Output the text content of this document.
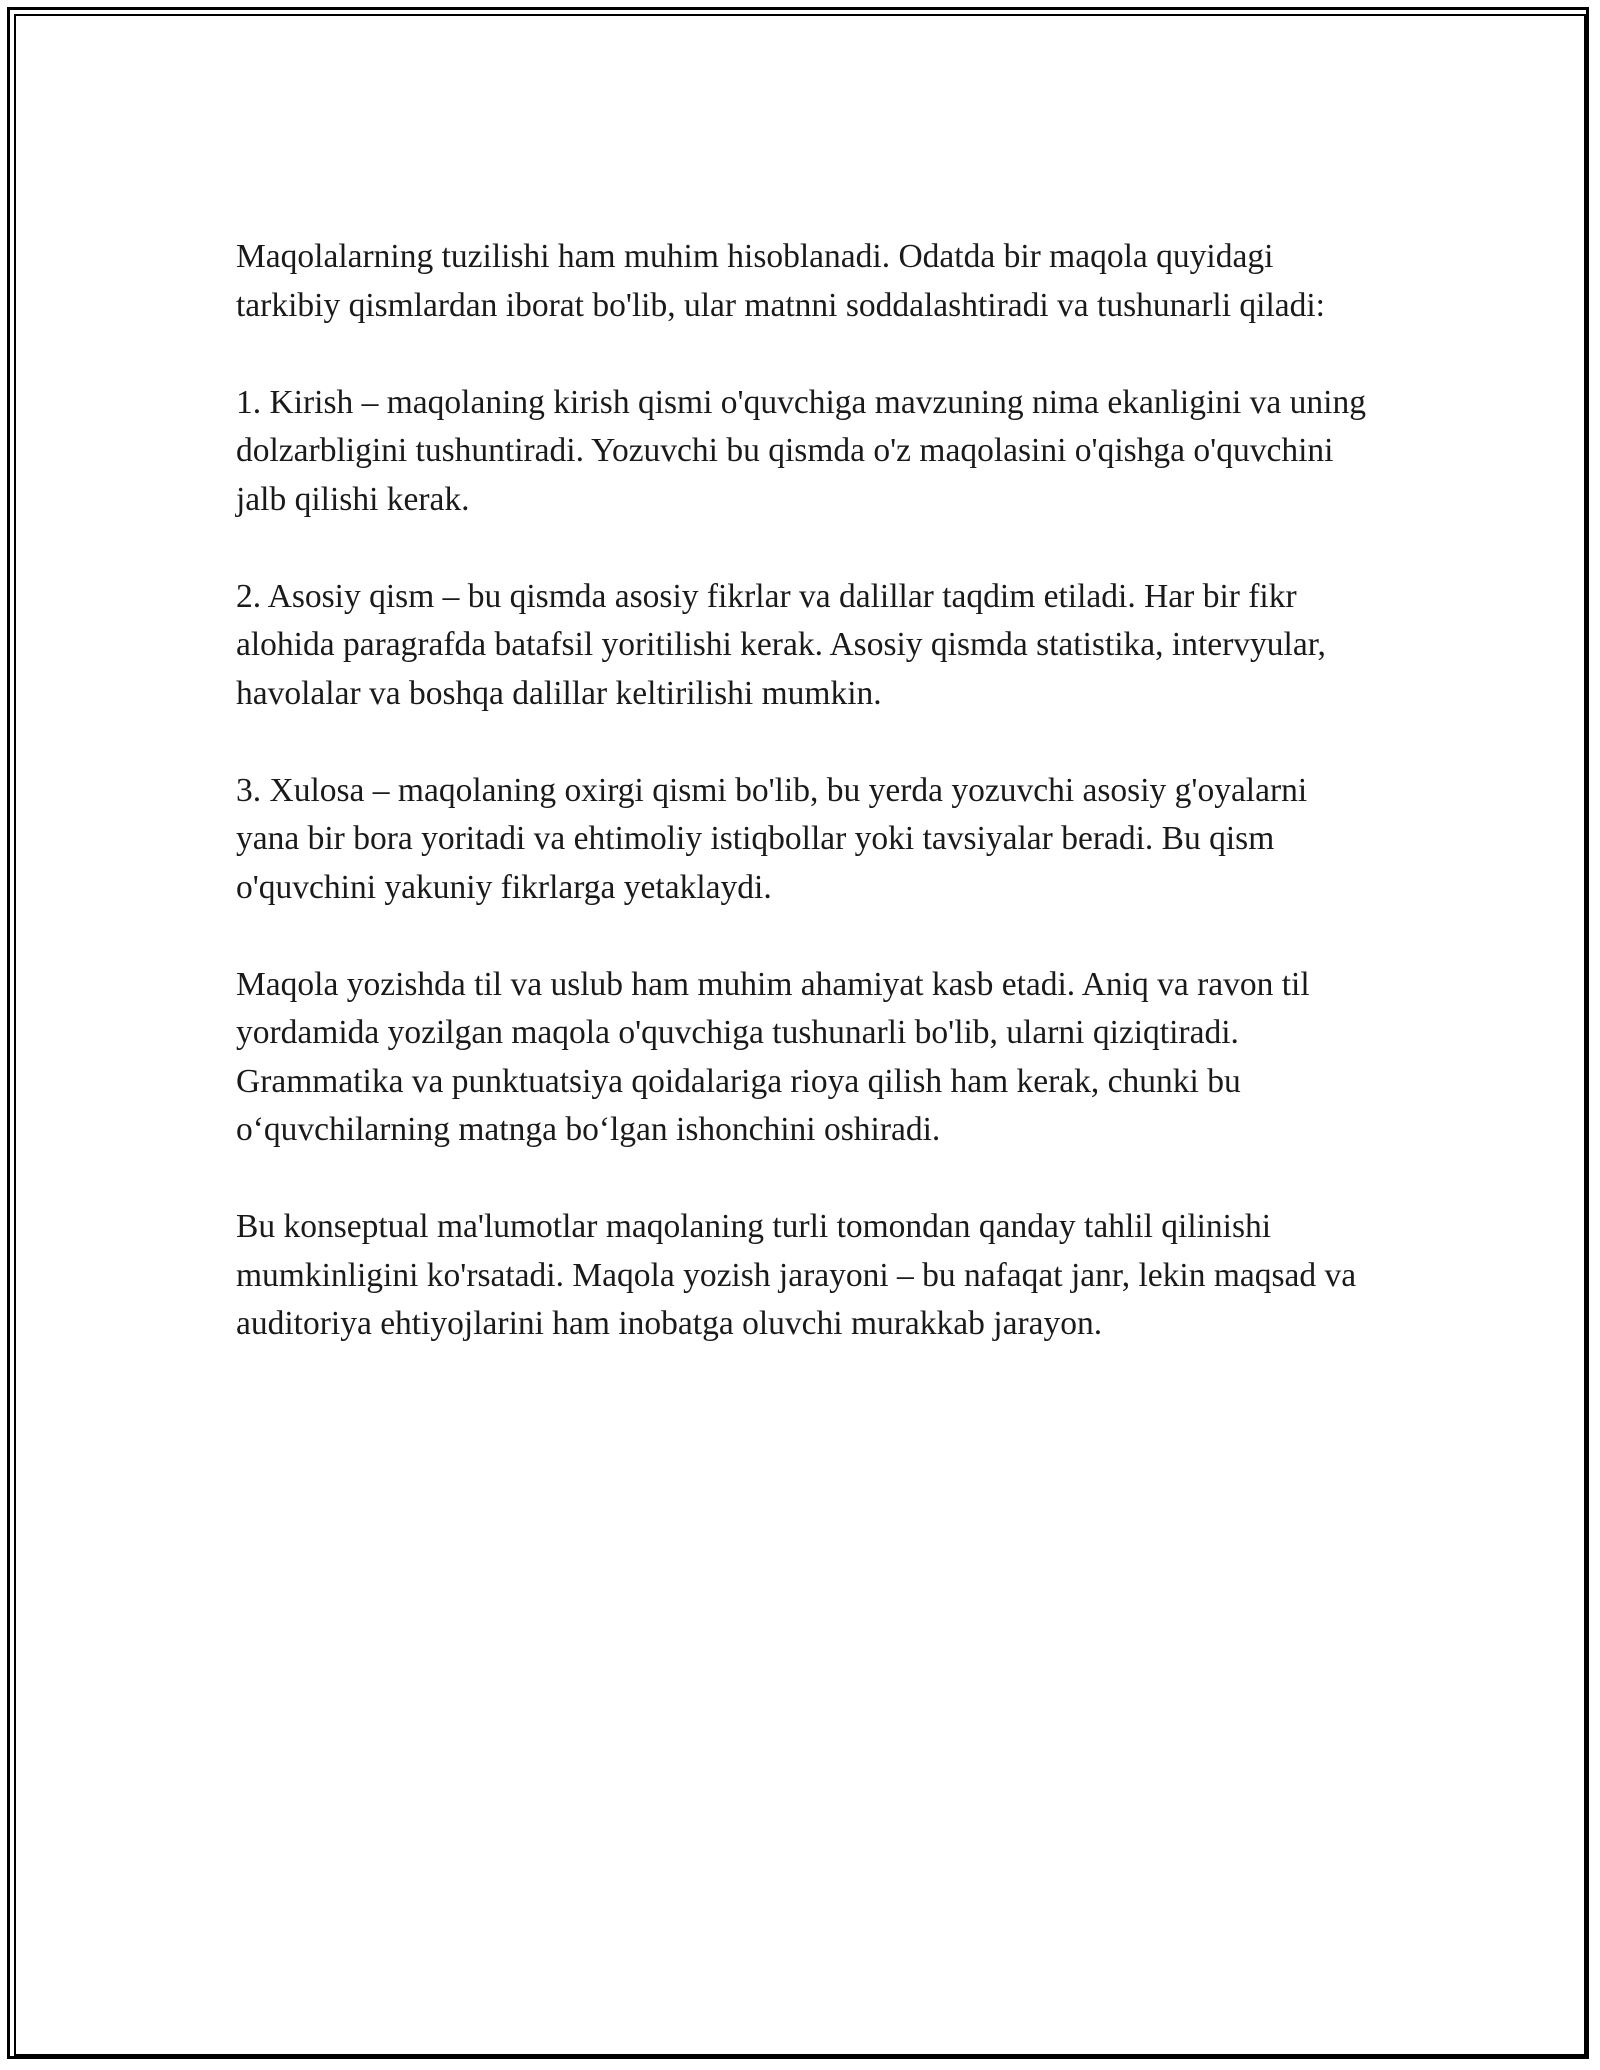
Maqolalarning tuzilishi ham muhim hisoblanadi. Odatda bir maqola quyidagi tarkibiy qismlardan iborat bo'lib, ular matnni soddalashtiradi va tushunarli qiladi:

1. Kirish – maqolaning kirish qismi o'quvchiga mavzuning nima ekanligini va uning dolzarbligini tushuntiradi. Yozuvchi bu qismda o'z maqolasini o'qishga o'quvchini jalb qilishi kerak.

2. Asosiy qism – bu qismda asosiy fikrlar va dalillar taqdim etiladi. Har bir fikr alohida paragrafda batafsil yoritilishi kerak. Asosiy qismda statistika, intervyular, havolalar va boshqa dalillar keltirilishi mumkin.

3. Xulosa – maqolaning oxirgi qismi bo'lib, bu yerda yozuvchi asosiy g'oyalarni yana bir bora yoritadi va ehtimoliy istiqbollar yoki tavsiyalar beradi. Bu qism o'quvchini yakuniy fikrlarga yetaklaydi.

Maqola yozishda til va uslub ham muhim ahamiyat kasb etadi. Aniq va ravon til yordamida yozilgan maqola o'quvchiga tushunarli bo'lib, ularni qiziqtiradi. Grammatika va punktuatsiya qoidalariga rioya qilish ham kerak, chunki bu o‘quvchilarning matnga bo‘lgan ishonchini oshiradi.

Bu konseptual ma'lumotlar maqolaning turli tomondan qanday tahlil qilinishi mumkinligini ko'rsatadi. Maqola yozish jarayoni – bu nafaqat janr, lekin maqsad va auditoriya ehtiyojlarini ham inobatga oluvchi murakkab jarayon.
